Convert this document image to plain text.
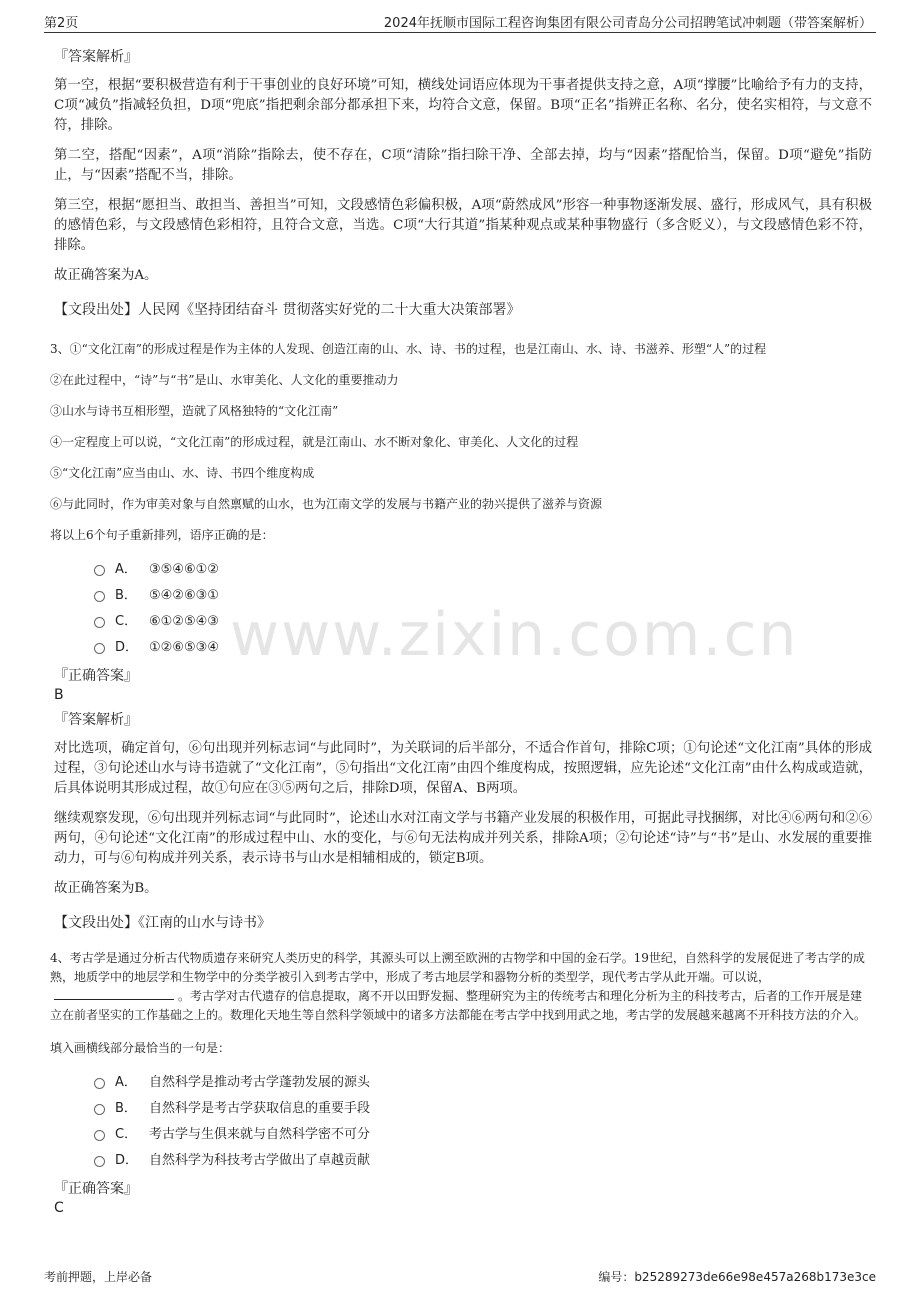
第2页	2024年抚顺市国际工程咨询集团有限公司青岛分公司招聘笔试冲刺题（带答案解析）
www.zixin.com.cn
『答案解析』

第一空，根据“要积极营造有利于干事创业的良好环境”可知，横线处词语应体现为干事者提供支持之意，A项“撑腰”比喻给予有力的支持，C项“减负”指减轻负担，D项“兜底”指把剩余部分都承担下来，均符合文意，保留。B项“正名”指辨正名称、名分，使名实相符，与文意不符，排除。

第二空，搭配“因素”，A项“消除”指除去，使不存在，C项“清除”指扫除干净、全部去掉，均与“因素”搭配恰当，保留。D项“避免”指防止，与“因素”搭配不当，排除。

第三空，根据“愿担当、敢担当、善担当”可知，文段感情色彩偏积极，A项“蔚然成风”形容一种事物逐渐发展、盛行，形成风气，具有积极的感情色彩，与文段感情色彩相符，且符合文意，当选。C项“大行其道”指某种观点或某种事物盛行（多含贬义），与文段感情色彩不符，排除。

故正确答案为A。

【文段出处】人民网《坚持团结奋斗 贯彻落实好党的二十大重大决策部署》

3、①“文化江南”的形成过程是作为主体的人发现、创造江南的山、水、诗、书的过程，也是江南山、水、诗、书滋养、形塑“人”的过程

②在此过程中，“诗”与“书”是山、水审美化、人文化的重要推动力

③山水与诗书互相形塑，造就了风格独特的“文化江南”

④一定程度上可以说，“文化江南”的形成过程，就是江南山、水不断对象化、审美化、人文化的过程

⑤“文化江南”应当由山、水、诗、书四个维度构成

⑥与此同时，作为审美对象与自然禀赋的山水，也为江南文学的发展与书籍产业的勃兴提供了滋养与资源

将以上6个句子重新排列，语序正确的是：

A． ③⑤④⑥①②
B． ⑤④②⑥③①
C． ⑥①②⑤④③
D． ①②⑥⑤③④
『正确答案』
B
『答案解析』

对比选项，确定首句，⑥句出现并列标志词“与此同时”，为关联词的后半部分，不适合作首句，排除C项；①句论述“文化江南”具体的形成过程，③句论述山水与诗书造就了“文化江南”，⑤句指出“文化江南”由四个维度构成，按照逻辑，应先论述“文化江南”由什么构成或造就，后具体说明其形成过程，故①句应在③⑤两句之后，排除D项，保留A、B两项。

继续观察发现，⑥句出现并列标志词“与此同时”，论述山水对江南文学与书籍产业发展的积极作用，可据此寻找捆绑，对比④⑥两句和②⑥两句，④句论述“文化江南”的形成过程中山、水的变化，与⑥句无法构成并列关系，排除A项；②句论述“诗”与“书”是山、水发展的重要推动力，可与⑥句构成并列关系，表示诗书与山水是相辅相成的，锁定B项。

故正确答案为B。

【文段出处】《江南的山水与诗书》

4、考古学是通过分析古代物质遗存来研究人类历史的科学，其源头可以上溯至欧洲的古物学和中国的金石学。19世纪，自然科学的发展促进了考古学的成熟，地质学中的地层学和生物学中的分类学被引入到考古学中，形成了考古地层学和器物分析的类型学，现代考古学从此开端。可以说，。考古学对古代遗存的信息提取，离不开以田野发掘、整理研究为主的传统考古和理化分析为主的科技考古，后者的工作开展是建立在前者坚实的工作基础之上的。数理化天地生等自然科学领域中的诸多方法都能在考古学中找到用武之地，考古学的发展越来越离不开科技方法的介入。

填入画横线部分最恰当的一句是：

A． 自然科学是推动考古学蓬勃发展的源头
B． 自然科学是考古学获取信息的重要手段
C． 考古学与生俱来就与自然科学密不可分
D． 自然科学为科技考古学做出了卓越贡献
『正确答案』
C
考前押题，上岸必备	编号：b25289273de66e98e457a268b173e3ce
